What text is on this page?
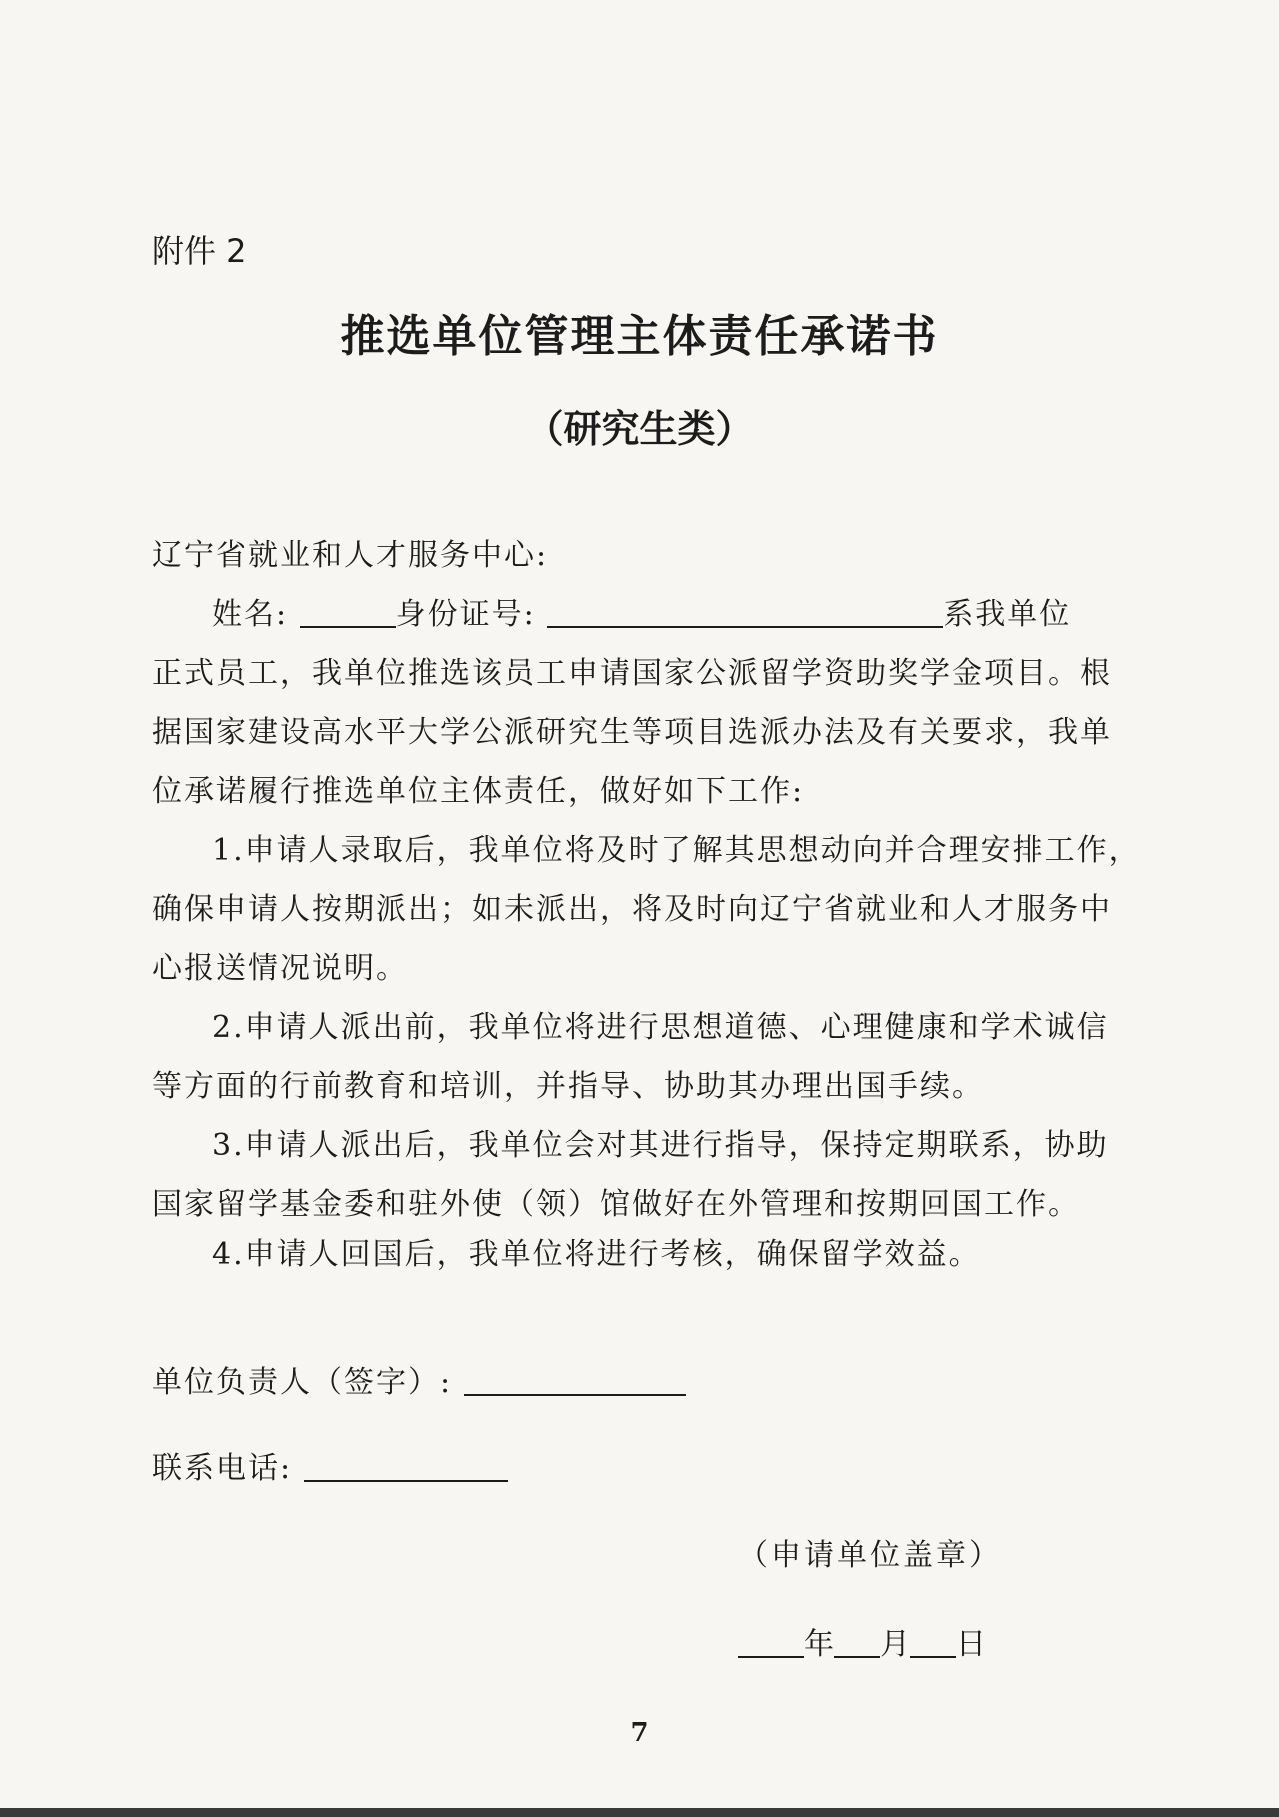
附件 2
推选单位管理主体责任承诺书
（研究生类）
辽宁省就业和人才服务中心:
姓名:	身份证号:	系我单位
正式员工，我单位推选该员工申请国家公派留学资助奖学金项目。根
据国家建设高水平大学公派研究生等项目选派办法及有关要求，我单
位承诺履行推选单位主体责任，做好如下工作:
1.申请人录取后，我单位将及时了解其思想动向并合理安排工作，
确保申请人按期派出；如未派出，将及时向辽宁省就业和人才服务中
心报送情况说明。
2.申请人派出前，我单位将进行思想道德、心理健康和学术诚信
等方面的行前教育和培训，并指导、协助其办理出国手续。
3.申请人派出后，我单位会对其进行指导，保持定期联系，协助
国家留学基金委和驻外使（领）馆做好在外管理和按期回国工作。
4.申请人回国后，我单位将进行考核，确保留学效益。
单位负责人（签字）:
联系电话:
（申请单位盖章）
年 月 日
7
